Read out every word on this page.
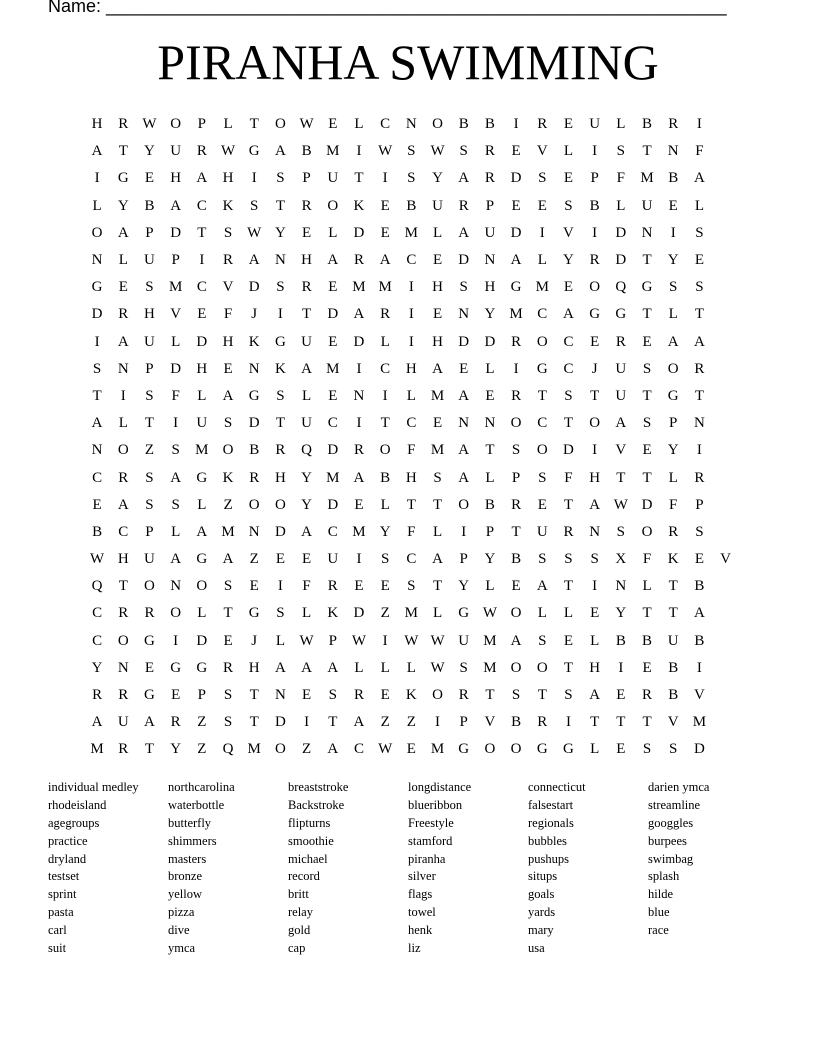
Name: ______________________________________________________________
PIRANHA SWIMMING
H	R W O	P	L	T	O W E	L	C	N	O	B	B	I	R	E	U	L	B	R	I
A	T	Y	U	R W G	A	B M	I	W S W S	R	E	V	L	I	S	T	N	F
I	G	E	H	A	H	I	S	P	U	T	I	S	Y	A	R	D	S	E	P	F	M B	A
L	Y	B	A	C	K	S	T	R	O	K	E	B	U	R	P	E	E	S	B	L	U	E	L
O	A	P	D	T	S W Y	E	L	D	E M L	A	U	D	I	V	I	D	N	I	S
N	L	U	P	I	R	A	N	H	A	R	A	C	E	D	N	A	L	Y	R	D	T	Y	E
G	E	S	M C	V	D	S	R	E M M	I	H	S	H	G M E	O	Q	G	S	S
D	R	H	V	E	F	J	I	T	D	A	R	I	E	N	Y M C	A	G	G	T	L	T
I	A	U	L	D	H	K	G	U	E	D	L	I	H	D	D	R	O	C	E	R	E	A	A
S	N	P	D	H	E	N	K	A M	I	C	H	A	E	L	I	G	C	J	U	S	O	R
T	I	S	F	L	A	G	S	L	E	N	I	L M A	E	R	T	S	T	U	T	G	T
A	L	T	I	U	S	D	T	U	C	I	T	C	E	N	N	O	C	T	O	A	S	P	N
N	O	Z	S	M O	B	R	Q	D	R	O	F	M A	T	S	O	D	I	V	E	Y	I
C	R	S	A	G	K	R	H	Y M A	B	H	S	A	L	P	S	F	H	T	T	L	R
E	A	S	S	L	Z	O	O	Y	D	E	L	T	T	O	B	R	E	T	A W D	F	P
B	C	P	L	A M N	D	A	C M Y	F	L	I	P	T	U	R	N	S	O	R	S
W H	U	A	G	A	Z	E	E	U	I	S	C	A	P	Y	B	S	S	S	X	F	K	E	V
Q	T	O	N	O	S	E	I	F	R	E	E	S	T	Y	L	E	A	T	I	N	L	T	B
C	R	R	O	L	T	G	S	L	K	D	Z M L	G W O	L	L	E	Y	T	T	A
C	O	G	I	D	E	J	L W P W	I	W W U M A	S	E	L	B	B	U	B
Y	N	E	G	G	R	H	A	A	A	L	L	L W S	M O	O	T	H	I	E	B	I
R	R	G	E	P	S	T	N	E	S	R	E	K	O	R	T	S	T	S	A	E	R	B	V
A	U	A	R	Z	S	T	D	I	T	A	Z	Z	I	P	V	B	R	I	T	T	T	V M
M R	T	Y	Z	Q M O	Z	A	C W E M G	O	O	G	G	L	E	S	S	D
individual medley
rhodeisland
agegroups
practice
dryland
testset
sprint
pasta
carl
suit
northcarolina
waterbottle
butterfly
shimmers
masters
bronze
yellow
pizza
dive
ymca
breaststroke
Backstroke
flipturns
smoothie
michael
record
britt
relay
gold
cap
longdistance
blueribbon
Freestyle
stamford
piranha
silver
flags
towel
henk
liz
connecticut
falsestart
regionals
bubbles
pushups
situps
goals
yards
mary
usa
darien ymca
streamline
googgles
burpees
swimbag
splash
hilde
blue
race
